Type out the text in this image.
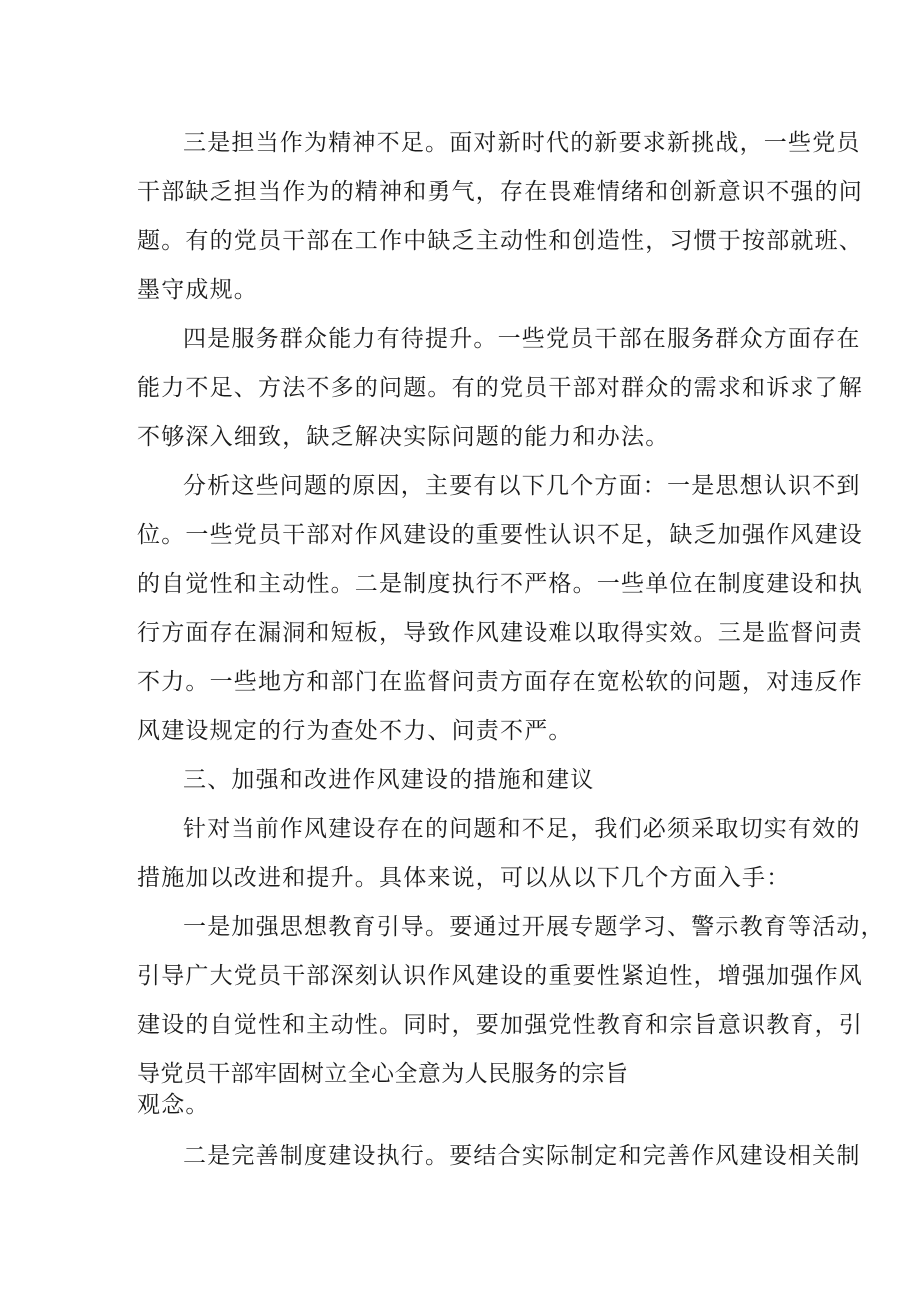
三是担当作为精神不足。面对新时代的新要求新挑战，一些党员
干部缺乏担当作为的精神和勇气，存在畏难情绪和创新意识不强的问
题。有的党员干部在工作中缺乏主动性和创造性，习惯于按部就班、
墨守成规。
四是服务群众能力有待提升。一些党员干部在服务群众方面存在
能力不足、方法不多的问题。有的党员干部对群众的需求和诉求了解
不够深入细致，缺乏解决实际问题的能力和办法。
分析这些问题的原因，主要有以下几个方面：一是思想认识不到
位。一些党员干部对作风建设的重要性认识不足，缺乏加强作风建设
的自觉性和主动性。二是制度执行不严格。一些单位在制度建设和执
行方面存在漏洞和短板，导致作风建设难以取得实效。三是监督问责
不力。一些地方和部门在监督问责方面存在宽松软的问题，对违反作
风建设规定的行为查处不力、问责不严。
三、加强和改进作风建设的措施和建议
针对当前作风建设存在的问题和不足，我们必须采取切实有效的
措施加以改进和提升。具体来说，可以从以下几个方面入手：
一是加强思想教育引导。要通过开展专题学习、警示教育等活动，
引导广大党员干部深刻认识作风建设的重要性紧迫性，增强加强作风
建设的自觉性和主动性。同时，要加强党性教育和宗旨意识教育，引
导党员干部牢固树立全心全意为人民服务的宗旨
观念。
二是完善制度建设执行。要结合实际制定和完善作风建设相关制
